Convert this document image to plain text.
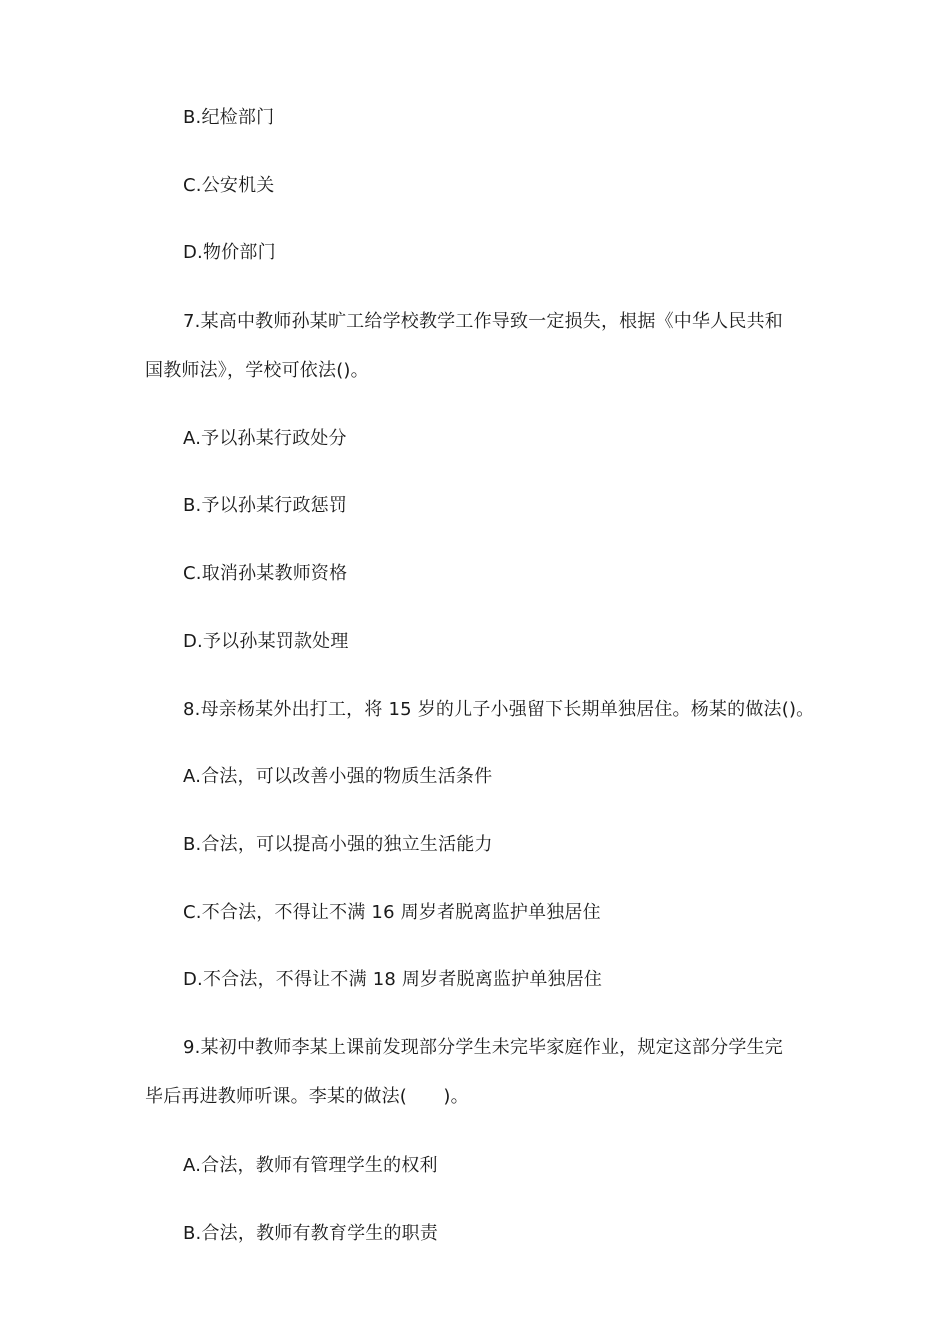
B.纪检部门
C.公安机关
D.物价部门
7.某高中教师孙某旷工给学校教学工作导致一定损失，根据《中华人民共和
国教师法》，学校可依法()。
A.予以孙某行政处分
B.予以孙某行政惩罚
C.取消孙某教师资格
D.予以孙某罚款处理
8.母亲杨某外出打工，将 15 岁的儿子小强留下长期单独居住。杨某的做法()。
A.合法，可以改善小强的物质生活条件
B.合法，可以提高小强的独立生活能力
C.不合法，不得让不满 16 周岁者脱离监护单独居住
D.不合法，不得让不满 18 周岁者脱离监护单独居住
9.某初中教师李某上课前发现部分学生未完毕家庭作业，规定这部分学生完
毕后再进教师听课。李某的做法(　　)。
A.合法，教师有管理学生的权利
B.合法，教师有教育学生的职责
